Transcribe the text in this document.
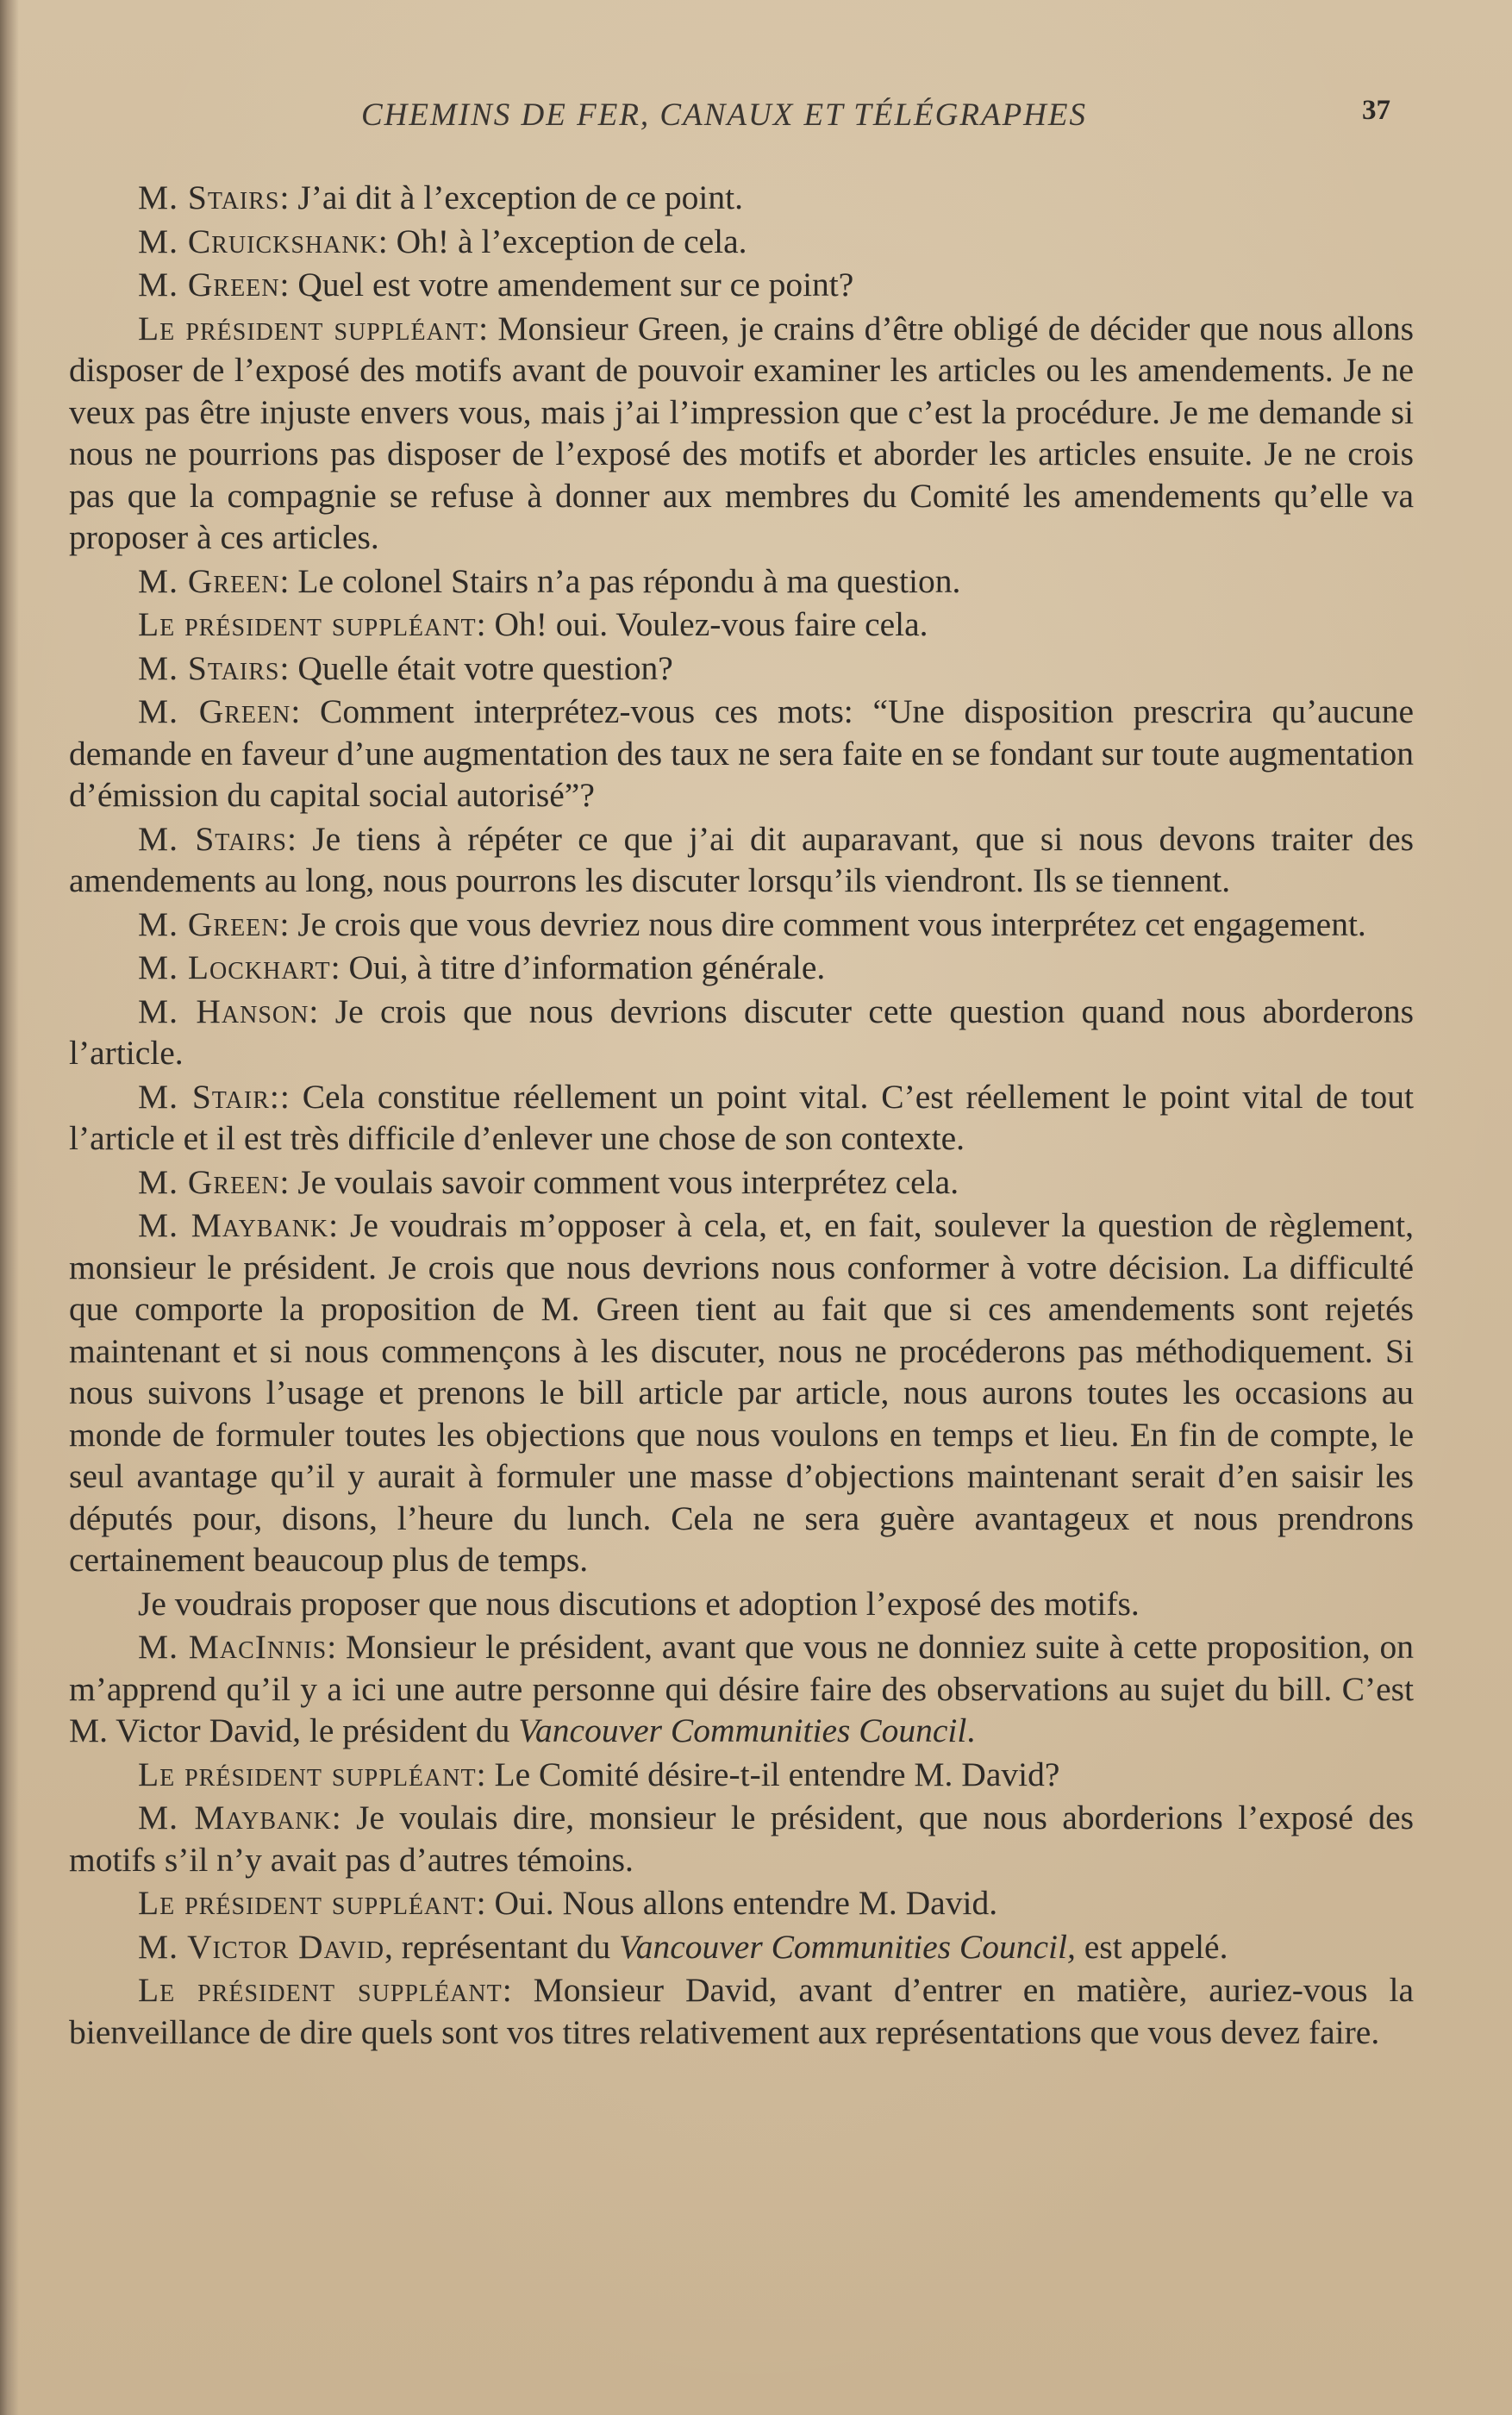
CHEMINS DE FER, CANAUX ET TÉLÉGRAPHES	37

M. Stairs: J’ai dit à l’exception de ce point.

M. Cruickshank: Oh! à l’exception de cela.

M. Green: Quel est votre amendement sur ce point?

Le président suppléant: Monsieur Green, je crains d’être obligé de décider que nous allons disposer de l’exposé des motifs avant de pouvoir examiner les articles ou les amendements. Je ne veux pas être injuste envers vous, mais j’ai l’impression que c’est la procédure. Je me demande si nous ne pourrions pas disposer de l’exposé des motifs et aborder les articles ensuite. Je ne crois pas que la compagnie se refuse à donner aux membres du Comité les amendements qu’elle va proposer à ces articles.

M. Green: Le colonel Stairs n’a pas répondu à ma question.

Le président suppléant: Oh! oui. Voulez-vous faire cela.

M. Stairs: Quelle était votre question?

M. Green: Comment interprétez-vous ces mots: “Une disposition prescrira qu’aucune demande en faveur d’une augmentation des taux ne sera faite en se fondant sur toute augmentation d’émission du capital social autorisé”?

M. Stairs: Je tiens à répéter ce que j’ai dit auparavant, que si nous devons traiter des amendements au long, nous pourrons les discuter lorsqu’ils viendront. Ils se tiennent.

M. Green: Je crois que vous devriez nous dire comment vous interprétez cet engagement.

M. Lockhart: Oui, à titre d’information générale.

M. Hanson: Je crois que nous devrions discuter cette question quand nous aborderons l’article.

M. Stair:: Cela constitue réellement un point vital. C’est réellement le point vital de tout l’article et il est très difficile d’enlever une chose de son contexte.

M. Green: Je voulais savoir comment vous interprétez cela.

M. Maybank: Je voudrais m’opposer à cela, et, en fait, soulever la question de règlement, monsieur le président. Je crois que nous devrions nous conformer à votre décision. La difficulté que comporte la proposition de M. Green tient au fait que si ces amendements sont rejetés maintenant et si nous commençons à les discuter, nous ne procéderons pas méthodiquement. Si nous suivons l’usage et prenons le bill article par article, nous aurons toutes les occasions au monde de formuler toutes les objections que nous voulons en temps et lieu. En fin de compte, le seul avantage qu’il y aurait à formuler une masse d’objections maintenant serait d’en saisir les députés pour, disons, l’heure du lunch. Cela ne sera guère avantageux et nous prendrons certainement beaucoup plus de temps.

Je voudrais proposer que nous discutions et adoption l’exposé des motifs.

M. MacInnis: Monsieur le président, avant que vous ne donniez suite à cette proposition, on m’apprend qu’il y a ici une autre personne qui désire faire des observations au sujet du bill. C’est M. Victor David, le président du Vancouver Communities Council.

Le président suppléant: Le Comité désire-t-il entendre M. David?

M. Maybank: Je voulais dire, monsieur le président, que nous aborderions l’exposé des motifs s’il n’y avait pas d’autres témoins.

Le président suppléant: Oui. Nous allons entendre M. David.

M. Victor David, représentant du Vancouver Communities Council, est appelé.

Le président suppléant: Monsieur David, avant d’entrer en matière, auriez-vous la bienveillance de dire quels sont vos titres relativement aux représentations que vous devez faire.
